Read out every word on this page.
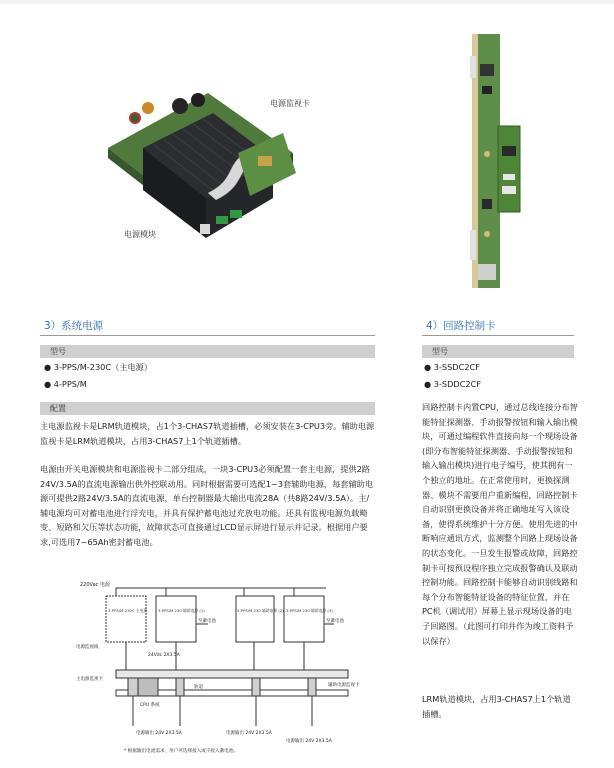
电源监视卡
电源模块
3）系统电源
型号
● 3-PPS/M-230C（主电源）
● 4-PPS/M
配置
主电源监视卡是LRM轨道模块，占1个3-CHAS7轨道插槽，必须安装在3-CPU3旁。辅助电源监视卡是LRM轨道模块，占用3-CHAS7上1个轨道插槽。
电源由开关电源模块和电源监视卡二部分组成，一块3-CPU3必须配置一套主电源，提供2路24V/3.5A的直流电源输出供外控联动用。同时根据需要可选配1~3套辅助电源，每套辅助电源可提供2路24V/3.5A的直流电源，单台控制器最大输出电流28A（共8路24V/3.5A）。主/辅电源均可对蓄电池进行浮充电，并具有保护蓄电池过充放电功能。还具有监视电源负载畸变、短路和欠压等状态功能，故障状态可直接通过LCD显示屏进行显示并记录。根据用户要求,可选用7~65Ah密封蓄电池。
220Vac 电源
3-PPS/M-230C 主电源	3-PPS/M 230 辅助电源 (1)	3-PPS/M 230 辅助电源 (2) 3-PPS/M 230 辅助电源 (3)
至蓄电池	至蓄电池
24Vdc 2X3.5A
电源监视线
主电源监视卡
CPU 系统
轨道	辅助电源监视卡
电源输出 24V 2X3.5A	电源输出 24V 2X3.5A
电源输出 24V 2X3.5A
* 根据输出电流需求，用户可选择接入或不接入蓄电池。
4）回路控制卡
型号
● 3-SSDC2CF
● 3-SDDC2CF
回路控制卡内置CPU，通过总线连接分布智能特征探测器、手动报警按钮和输入输出模块，可通过编程软件直接向每一个现场设备(即分布智能特征探测器、手动报警按钮和输入输出模块)进行电子编号，使其拥有一个独立的地址。在正常使用时，更换探测器、模块不需要用户重新编程，回路控制卡自动识别更换设备并将正确地址写入该设备，使得系统维护十分方便。使用先进的中断响应通讯方式，监测整个回路上现场设备的状态变化。一旦发生报警或故障，回路控制卡可按预设程序独立完成报警确认及联动控制功能。回路控制卡能够自动识别线路和每个分布智能特征设备的特征位置，并在PC机（调试用）屏幕上显示现场设备的电子回路图。（此图可打印并作为竣工资料予以保存）
LRM轨道模块，占用3-CHAS7上1个轨道插槽。
